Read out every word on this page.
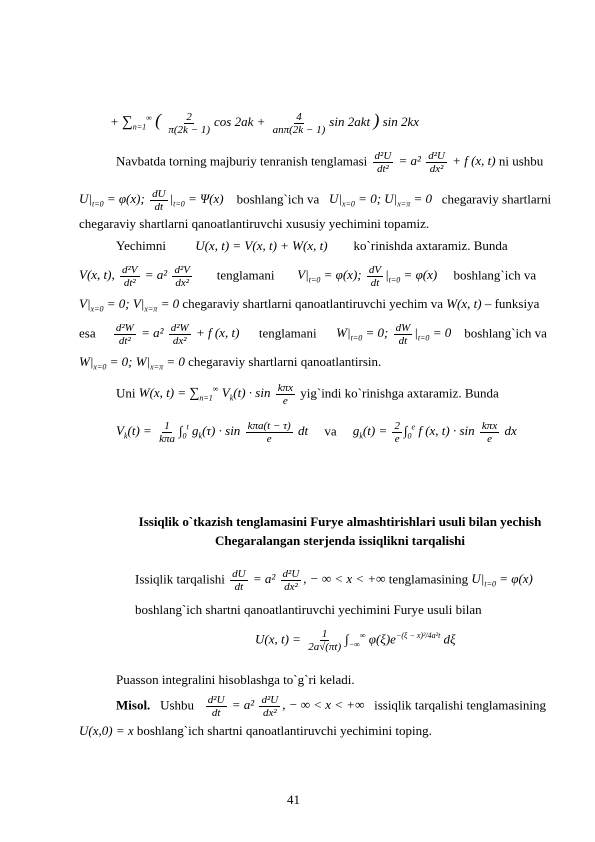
+ $\sum_{n=1}^\infty$ ( $\frac{2}{\pi(2k - 1)}$ $\cos 2ak + \frac{4}{\text{anπ(2k − 1)}}$ sin 2akt ) sin 2kx
Navbatda torning majburiy tenranish tenglamasi $\frac{\text{d²U}}{\text{dt²}} = a^2 \frac{\text{d²U}}{\text{dx²}} + f$ (x, t) ni ushbu
$U|_{t=0} = \varphi(x)$; $\frac{dU}{dt} |_{t=0} = \Psi(x)$ boshlang`ich va $U|_{x=0} = 0$; $U|_{x=\pi} = 0$   chegaraviy shartlarni
chegaraviy shartlarni qanoatlantiruvchi xususiy yechimini topamiz.
Yechimni U(x, t) = V(x, t) + W(x, t) ko`rinishda axtaramiz. Bunda
V(x, t), $\frac{\text{d²V}}{\text{dt²}} = a^2 \frac{\text{d²V}}{\text{dx²}}$ tenglamani $V|_{t=0} = \varphi(x)$; $\frac{dV}{dt} |_{t=0} = \varphi(x)$ boshlang`ich va
$V|_{x=0} = 0$; $V|_{x=\pi} = 0$ chegaraviy shartlarni qanoatlantiruvchi yechim va W(x, t) – funksiya
esa $\frac{\text{d²W}}{\text{dt²}} = a^2 \frac{\text{d²W}}{\text{dx²}} + f$ (x, t) tenglamani $W|_{t=0} = 0$; $\frac{dW}{dt} |_{t=0} = 0$ boshlang`ich va
$W|_{x=0} = 0$; $W|_{x=\pi} = 0$ chegaraviy shartlarni qanoatlantirsin.
Uni W(x, $t) = \sum_{n=1}^\infty$ $V_k(t) \cdot \sin \frac{\text{kπx}}{e}$ yig`indi ko`rinishga axtaramiz. Bunda
$V_k(t) = \frac{1}{\text{kπa}} \int_0^t$ $g_k(\tau) \cdot \sin \frac{\text{kπa(t − τ)}}{e}$ dt va $g_k(t) = \frac{2}{e} \int_0^e$ f (x, $t) \cdot \sin \frac{\text{kπx}}{e}$ dx
Issiqlik o`tkazish tenglamasini Furye almashtirishlari usuli bilan yechish
Chegaralangan sterjenda issiqlikni tarqalishi
Issiqlik tarqalishi $\frac{dU}{dt} = a^2 \frac{\text{d²U}}{\text{dx²}}$ , − ∞ < x < +∞ tenglamasining $U|_{t=0} = \varphi(x)$
boshlang`ich shartni qanoatlantiruvchi yechimini Furye usuli bilan
U(x, $t) = \frac{1}{2a√(\pi t)} \int_{-\infty}^\infty$ $\varphi(\xi)e^{-(\xi - x)^2/4a^2t}$ dξ
Puasson integralini hisoblashga to`g`ri keladi.
Misol. Ushbu $\frac{\text{d²U}}{dt} = a^2 \frac{\text{d²U}}{\text{dx²}}$ , − ∞ < x < +∞ issiqlik tarqalishi tenglamasining
U(x,0) = x boshlang`ich shartni qanoatlantiruvchi yechimini toping.
41
